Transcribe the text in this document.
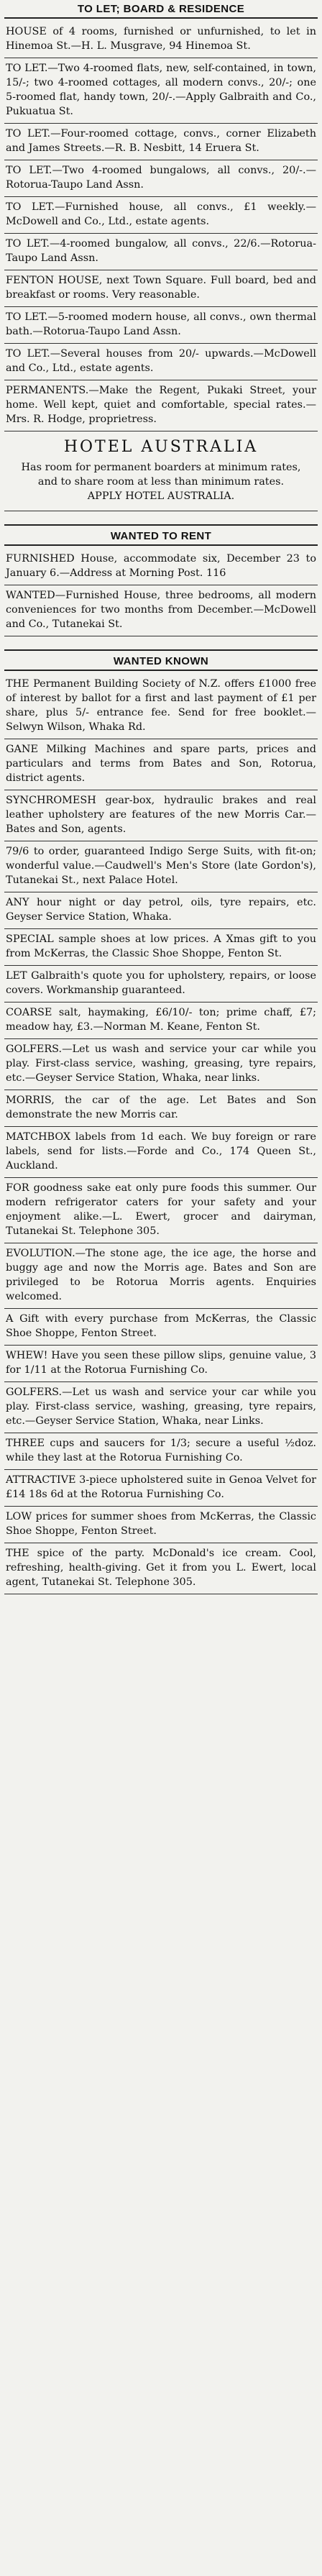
TO LET; BOARD & RESIDENCE

HOUSE of 4 rooms, furnished or unfurnished, to let in Hinemoa St.—H. L. Musgrave, 94 Hinemoa St.

TO LET.—Two 4-roomed flats, new, self-contained, in town, 15/-; two 4-roomed cottages, all modern convs., 20/-; one 5-roomed flat, handy town, 20/-.—Apply Galbraith and Co., Pukuatua St.

TO LET.—Four-roomed cottage, convs., corner Elizabeth and James Streets.—R. B. Nesbitt, 14 Eruera St.

TO LET.—Two 4-roomed bungalows, all convs., 20/-.—Rotorua-Taupo Land Assn.

TO LET.—Furnished house, all convs., £1 weekly.—McDowell and Co., Ltd., estate agents.

TO LET.—4-roomed bungalow, all convs., 22/6.—Rotorua-Taupo Land Assn.

FENTON HOUSE, next Town Square. Full board, bed and breakfast or rooms. Very reasonable.

TO LET.—5-roomed modern house, all convs., own thermal bath.—Rotorua-Taupo Land Assn.

TO LET.—Several houses from 20/- upwards.—McDowell and Co., Ltd., estate agents.

PERMANENTS.—Make the Regent, Pukaki Street, your home. Well kept, quiet and comfortable, special rates.—Mrs. R. Hodge, proprietress.

HOTEL AUSTRALIA

Has room for permanent boarders at minimum rates, and to share room at less than minimum rates.

APPLY HOTEL AUSTRALIA.

WANTED TO RENT

FURNISHED House, accommodate six, December 23 to January 6.—Address at Morning Post. 116

WANTED—Furnished House, three bedrooms, all modern conveniences for two months from December.—McDowell and Co., Tutanekai St.

WANTED KNOWN

THE Permanent Building Society of N.Z. offers £1000 free of interest by ballot for a first and last payment of £1 per share, plus 5/- entrance fee. Send for free booklet.—Selwyn Wilson, Whaka Rd.

GANE Milking Machines and spare parts, prices and particulars and terms from Bates and Son, Rotorua, district agents.

SYNCHROMESH gear-box, hydraulic brakes and real leather upholstery are features of the new Morris Car.—Bates and Son, agents.

79/6 to order, guaranteed Indigo Serge Suits, with fit-on; wonderful value.—Caudwell's Men's Store (late Gordon's), Tutanekai St., next Palace Hotel.

ANY hour night or day petrol, oils, tyre repairs, etc. Geyser Service Station, Whaka.

SPECIAL sample shoes at low prices. A Xmas gift to you from McKerras, the Classic Shoe Shoppe, Fenton St.

LET Galbraith's quote you for upholstery, repairs, or loose covers. Workmanship guaranteed.

COARSE salt, haymaking, £6/10/- ton; prime chaff, £7; meadow hay, £3.—Norman M. Keane, Fenton St.

GOLFERS.—Let us wash and service your car while you play. First-class service, washing, greasing, tyre repairs, etc.—Geyser Service Station, Whaka, near links.

MORRIS, the car of the age. Let Bates and Son demonstrate the new Morris car.

MATCHBOX labels from 1d each. We buy foreign or rare labels, send for lists.—Forde and Co., 174 Queen St., Auckland.

FOR goodness sake eat only pure foods this summer. Our modern refrigerator caters for your safety and your enjoyment alike.—L. Ewert, grocer and dairyman, Tutanekai St. Telephone 305.

EVOLUTION.—The stone age, the ice age, the horse and buggy age and now the Morris age. Bates and Son are privileged to be Rotorua Morris agents. Enquiries welcomed.

A Gift with every purchase from McKerras, the Classic Shoe Shoppe, Fenton Street.

WHEW! Have you seen these pillow slips, genuine value, 3 for 1/11 at the Rotorua Furnishing Co.

GOLFERS.—Let us wash and service your car while you play. First-class service, washing, greasing, tyre repairs, etc.—Geyser Service Station, Whaka, near Links.

THREE cups and saucers for 1/3; secure a useful ½doz. while they last at the Rotorua Furnishing Co.

ATTRACTIVE 3-piece upholstered suite in Genoa Velvet for £14 18s 6d at the Rotorua Furnishing Co.

LOW prices for summer shoes from McKerras, the Classic Shoe Shoppe, Fenton Street.

THE spice of the party. McDonald's ice cream. Cool, refreshing, health-giving. Get it from you L. Ewert, local agent, Tutanekai St. Telephone 305.
